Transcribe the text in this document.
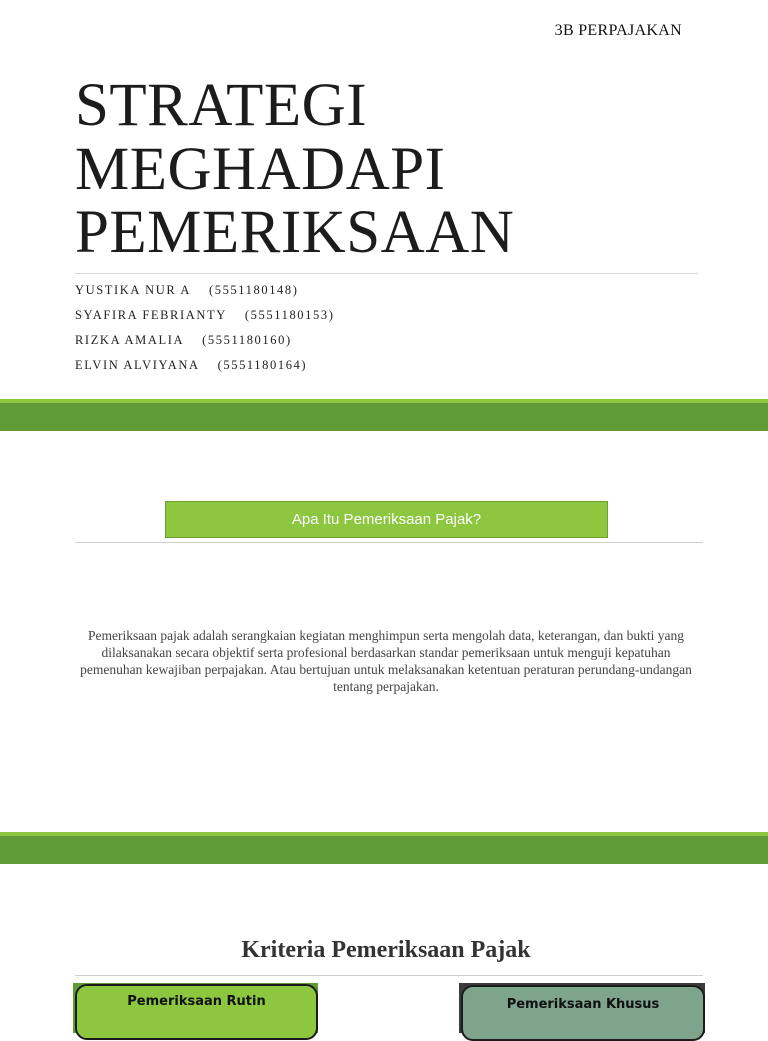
3B PERPAJAKAN
STRATEGI
MEGHADAPI
PEMERIKSAAN
YUSTIKA NUR A (5551180148)
SYAFIRA FEBRIANTY (5551180153)
RIZKA AMALIA (5551180160)
ELVIN ALVIYANA (5551180164)
Apa Itu Pemeriksaan Pajak?

Pemeriksaan pajak adalah serangkaian kegiatan menghimpun serta mengolah data, keterangan, dan bukti yang dilaksanakan secara objektif serta profesional berdasarkan standar pemeriksaan untuk menguji kepatuhan pemenuhan kewajiban perpajakan. Atau bertujuan untuk melaksanakan ketentuan peraturan perundang-undangan tentang perpajakan.

Kriteria Pemeriksaan Pajak
Pemeriksaan Rutin	Pemeriksaan Khusus
